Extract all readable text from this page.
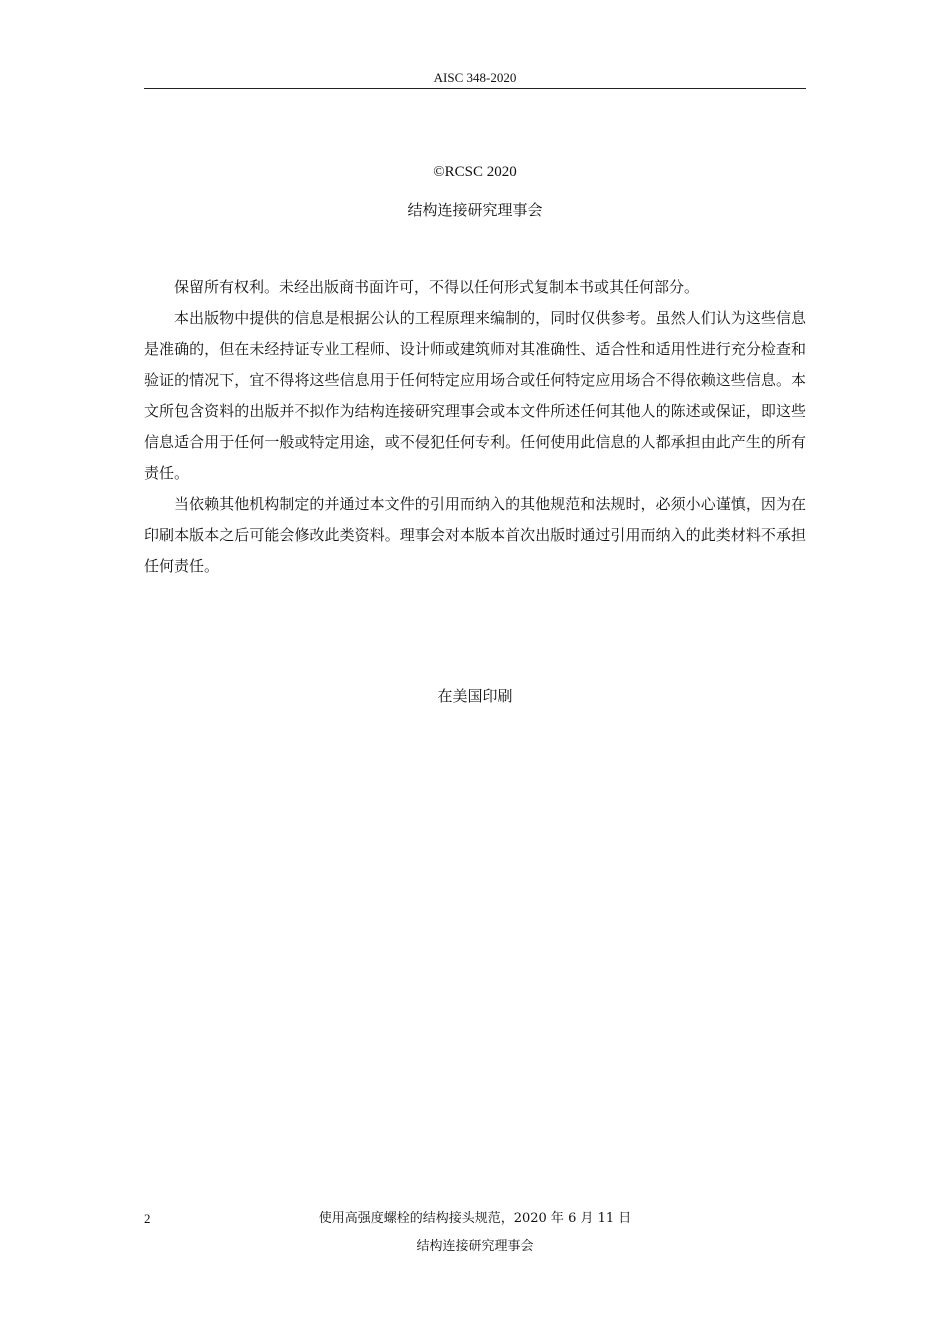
AISC 348-2020
©RCSC 2020
结构连接研究理事会

保留所有权利。未经出版商书面许可，不得以任何形式复制本书或其任何部分。

本出版物中提供的信息是根据公认的工程原理来编制的，同时仅供参考。虽然人们认为这些信息是准确的，但在未经持证专业工程师、设计师或建筑师对其准确性、适合性和适用性进行充分检查和验证的情况下，宜不得将这些信息用于任何特定应用场合或任何特定应用场合不得依赖这些信息。本文所包含资料的出版并不拟作为结构连接研究理事会或本文件所述任何其他人的陈述或保证，即这些信息适合用于任何一般或特定用途，或不侵犯任何专利。任何使用此信息的人都承担由此产生的所有责任。

当依赖其他机构制定的并通过本文件的引用而纳入的其他规范和法规时，必须小心谨慎，因为在印刷本版本之后可能会修改此类资料。理事会对本版本首次出版时通过引用而纳入的此类材料不承担任何责任。

在美国印刷
2	使用高强度螺栓的结构接头规范，2020 年 6 月 11 日
结构连接研究理事会
